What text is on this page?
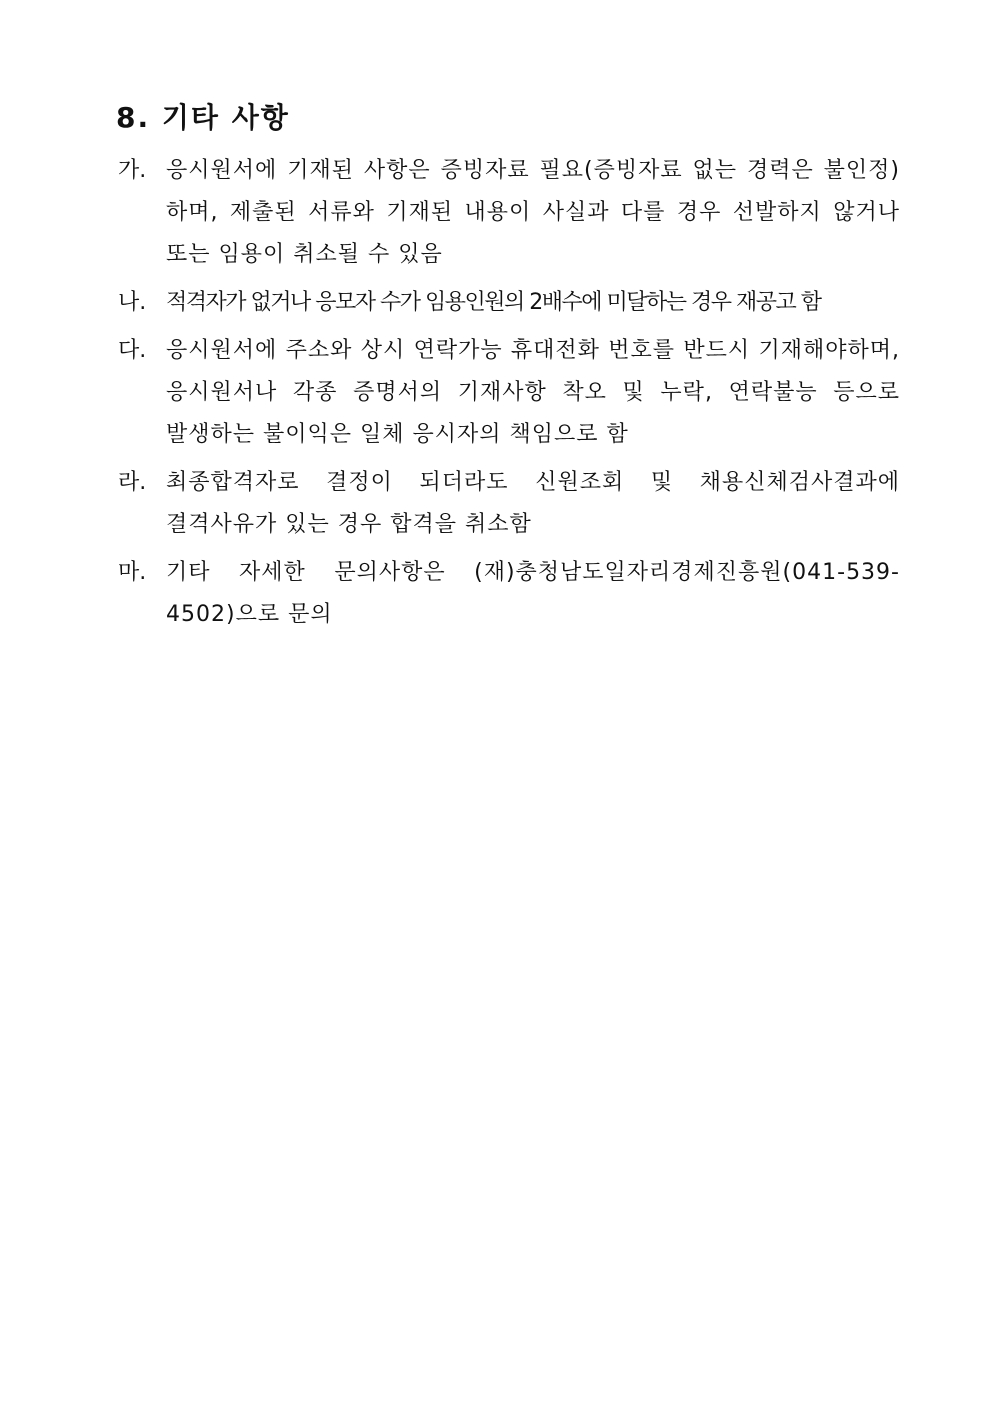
8. 기타 사항
가. 응시원서에 기재된 사항은 증빙자료 필요(증빙자료 없는 경력은 불인정)하며, 제출된 서류와 기재된 내용이 사실과 다를 경우 선발하지 않거나 또는 임용이 취소될 수 있음
나. 적격자가 없거나 응모자 수가 임용인원의 2배수에 미달하는 경우 재공고 함
다. 응시원서에 주소와 상시 연락가능 휴대전화 번호를 반드시 기재해야하며, 응시원서나 각종 증명서의 기재사항 착오 및 누락, 연락불능 등으로 발생하는 불이익은 일체 응시자의 책임으로 함
라. 최종합격자로 결정이 되더라도 신원조회 및 채용신체검사결과에 결격사유가 있는 경우 합격을 취소함
마. 기타 자세한 문의사항은 (재)충청남도일자리경제진흥원(041-539-4502)으로 문의
